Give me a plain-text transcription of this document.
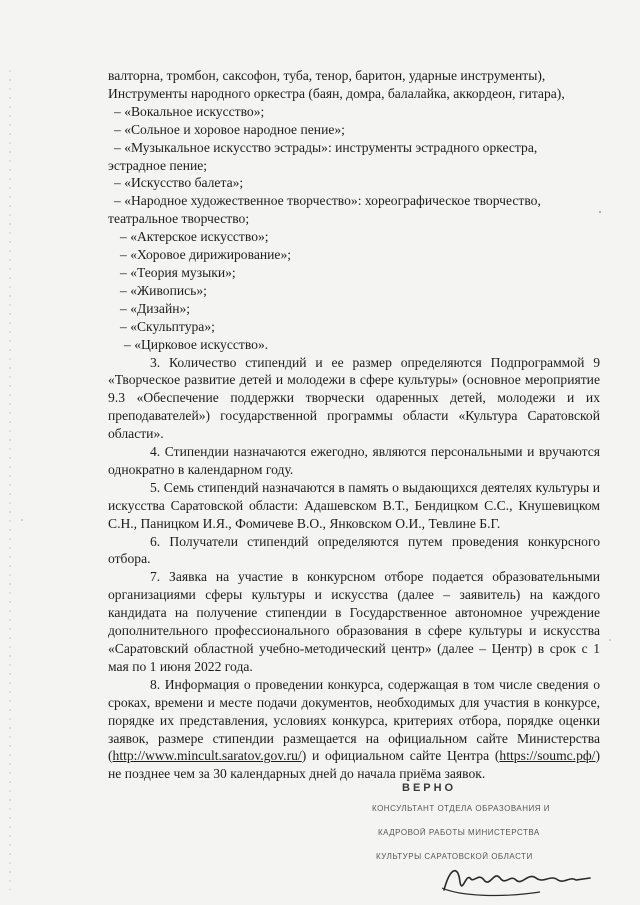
валторна, тромбон, саксофон, туба, тенор, баритон, ударные инструменты),

Инструменты народного оркестра (баян, домра, балалайка, аккордеон, гитара),

– «Вокальное искусство»;

– «Сольное и хоровое народное пение»;

– «Музыкальное искусство эстрады»: инструменты эстрадного оркестра,

эстрадное пение;

– «Искусство балета»;

– «Народное художественное творчество»: хореографическое творчество,

театральное творчество;

– «Актерское искусство»;

– «Хоровое дирижирование»;

– «Теория музыки»;

– «Живопись»;

– «Дизайн»;

– «Скульптура»;

– «Цирковое искусство».

3. Количество стипендий и ее размер определяются Подпрограммой 9 «Творческое развитие детей и молодежи в сфере культуры» (основное мероприятие 9.3 «Обеспечение поддержки творчески одаренных детей, молодежи и их преподавателей») государственной программы области «Культура Саратовской области».

4. Стипендии назначаются ежегодно, являются персональными и вручаются однократно в календарном году.

5. Семь стипендий назначаются в память о выдающихся деятелях культуры и искусства Саратовской области: Адашевском В.Т., Бендицком С.С., Кнушевицком С.Н., Паницком И.Я., Фомичеве В.О., Янковском О.И., Тевлине Б.Г.

6. Получатели стипендий определяются путем проведения конкурсного отбора.

7. Заявка на участие в конкурсном отборе подается образовательными организациями сферы культуры и искусства (далее – заявитель) на каждого кандидата на получение стипендии в Государственное автономное учреждение дополнительного профессионального образования в сфере культуры и искусства «Саратовский областной учебно-методический центр» (далее – Центр) в срок с 1 мая по 1 июня 2022 года.

8. Информация о проведении конкурса, содержащая в том числе сведения о сроках, времени и месте подачи документов, необходимых для участия в конкурсе, порядке их представления, условиях конкурса, критериях отбора, порядке оценки заявок, размере стипендии размещается на официальном сайте Министерства (http://www.mincult.saratov.gov.ru/) и официальном сайте Центра (https://soumc.рф/) не позднее чем за 30 календарных дней до начала приёма заявок.

ВЕРНО
КОНСУЛЬТАНТ ОТДЕЛА ОБРАЗОВАНИЯ И
КАДРОВОЙ РАБОТЫ МИНИСТЕРСТВА
КУЛЬТУРЫ САРАТОВСКОЙ ОБЛАСТИ
